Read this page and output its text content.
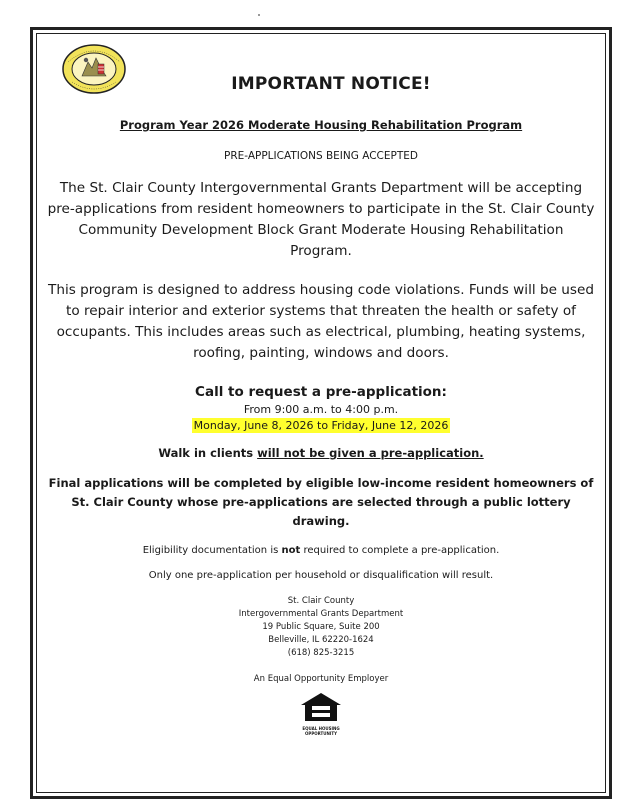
IMPORTANT NOTICE!
Program Year 2026 Moderate Housing Rehabilitation Program
PRE-APPLICATIONS BEING ACCEPTED
The St. Clair County Intergovernmental Grants Department will be accepting pre-applications from resident homeowners to participate in the St. Clair County Community Development Block Grant Moderate Housing Rehabilitation Program.
This program is designed to address housing code violations. Funds will be used to repair interior and exterior systems that threaten the health or safety of occupants. This includes areas such as electrical, plumbing, heating systems, roofing, painting, windows and doors.
Call to request a pre-application:
From 9:00 a.m. to 4:00 p.m.
Monday, June 8, 2026 to Friday, June 12, 2026
Walk in clients will not be given a pre-application.
Final applications will be completed by eligible low-income resident homeowners of St. Clair County whose pre-applications are selected through a public lottery drawing.
Eligibility documentation is not required to complete a pre-application.
Only one pre-application per household or disqualification will result.
St. Clair County
Intergovernmental Grants Department
19 Public Square, Suite 200
Belleville, IL 62220-1624
(618) 825-3215
An Equal Opportunity Employer
EQUAL HOUSING
OPPORTUNITY
